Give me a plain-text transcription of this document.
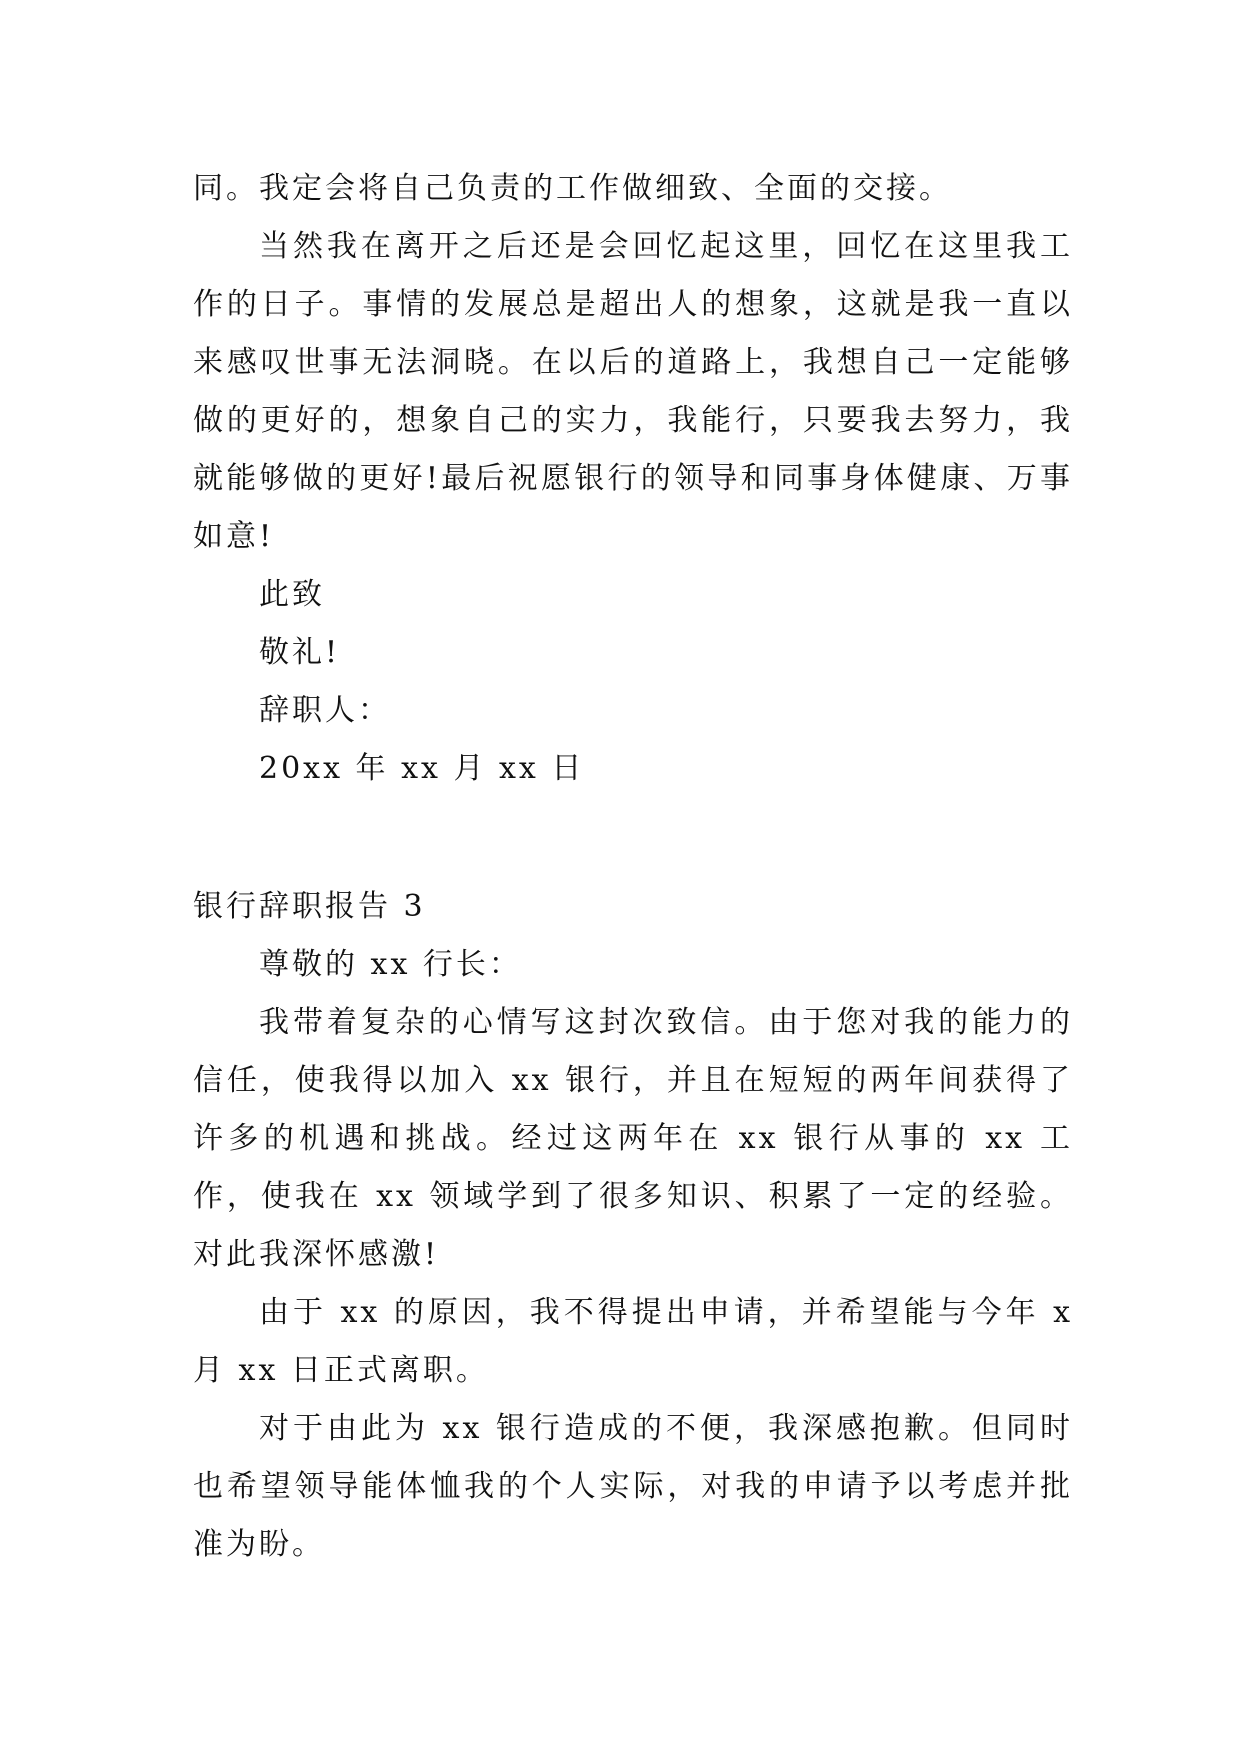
同。我定会将自己负责的工作做细致、全面的交接。

当然我在离开之后还是会回忆起这里，回忆在这里我工作的日子。事情的发展总是超出人的想象，这就是我一直以来感叹世事无法洞晓。在以后的道路上，我想自己一定能够做的更好的，想象自己的实力，我能行，只要我去努力，我就能够做的更好!最后祝愿银行的领导和同事身体健康、万事如意!

此致

敬礼!

辞职人：

20xx 年 xx 月 xx 日

银行辞职报告 3

尊敬的 xx 行长：

我带着复杂的心情写这封次致信。由于您对我的能力的信任，使我得以加入 xx 银行，并且在短短的两年间获得了许多的机遇和挑战。经过这两年在 xx 银行从事的 xx 工作，使我在 xx 领域学到了很多知识、积累了一定的经验。对此我深怀感激!

由于 xx 的原因，我不得提出申请，并希望能与今年 x 月 xx 日正式离职。

对于由此为 xx 银行造成的不便，我深感抱歉。但同时也希望领导能体恤我的个人实际，对我的申请予以考虑并批准为盼。
